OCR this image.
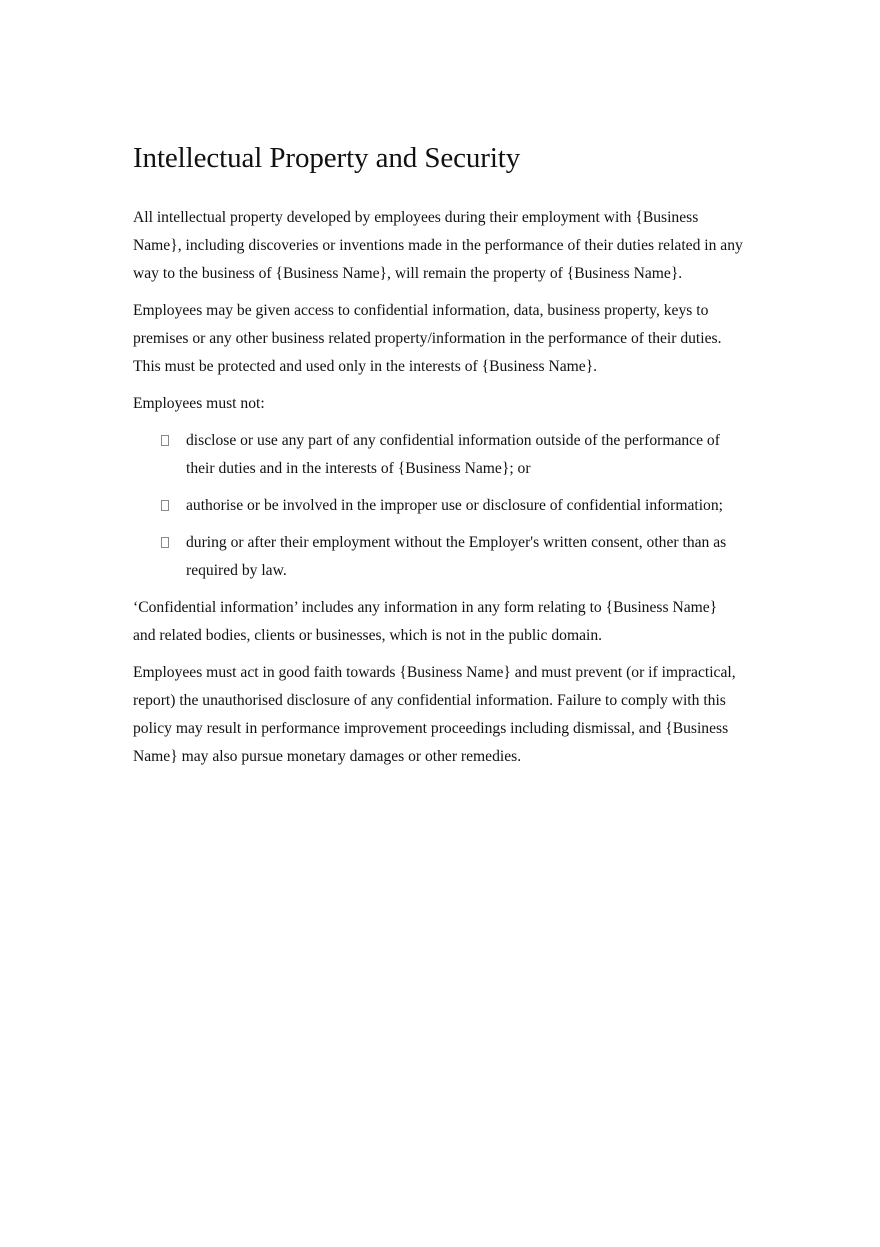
Intellectual Property and Security

All intellectual property developed by employees during their employment with {Business Name}, including discoveries or inventions made in the performance of their duties related in any way to the business of {Business Name}, will remain the property of {Business Name}.

Employees may be given access to confidential information, data, business property, keys to premises or any other business related property/information in the performance of their duties. This must be protected and used only in the interests of {Business Name}.

Employees must not:

disclose or use any part of any confidential information outside of the performance of their duties and in the interests of {Business Name}; or
authorise or be involved in the improper use or disclosure of confidential information;
during or after their employment without the Employer's written consent, other than as required by law.

‘Confidential information’ includes any information in any form relating to {Business Name} and related bodies, clients or businesses, which is not in the public domain.

Employees must act in good faith towards {Business Name} and must prevent (or if impractical, report) the unauthorised disclosure of any confidential information. Failure to comply with this policy may result in performance improvement proceedings including dismissal, and {Business Name} may also pursue monetary damages or other remedies.
